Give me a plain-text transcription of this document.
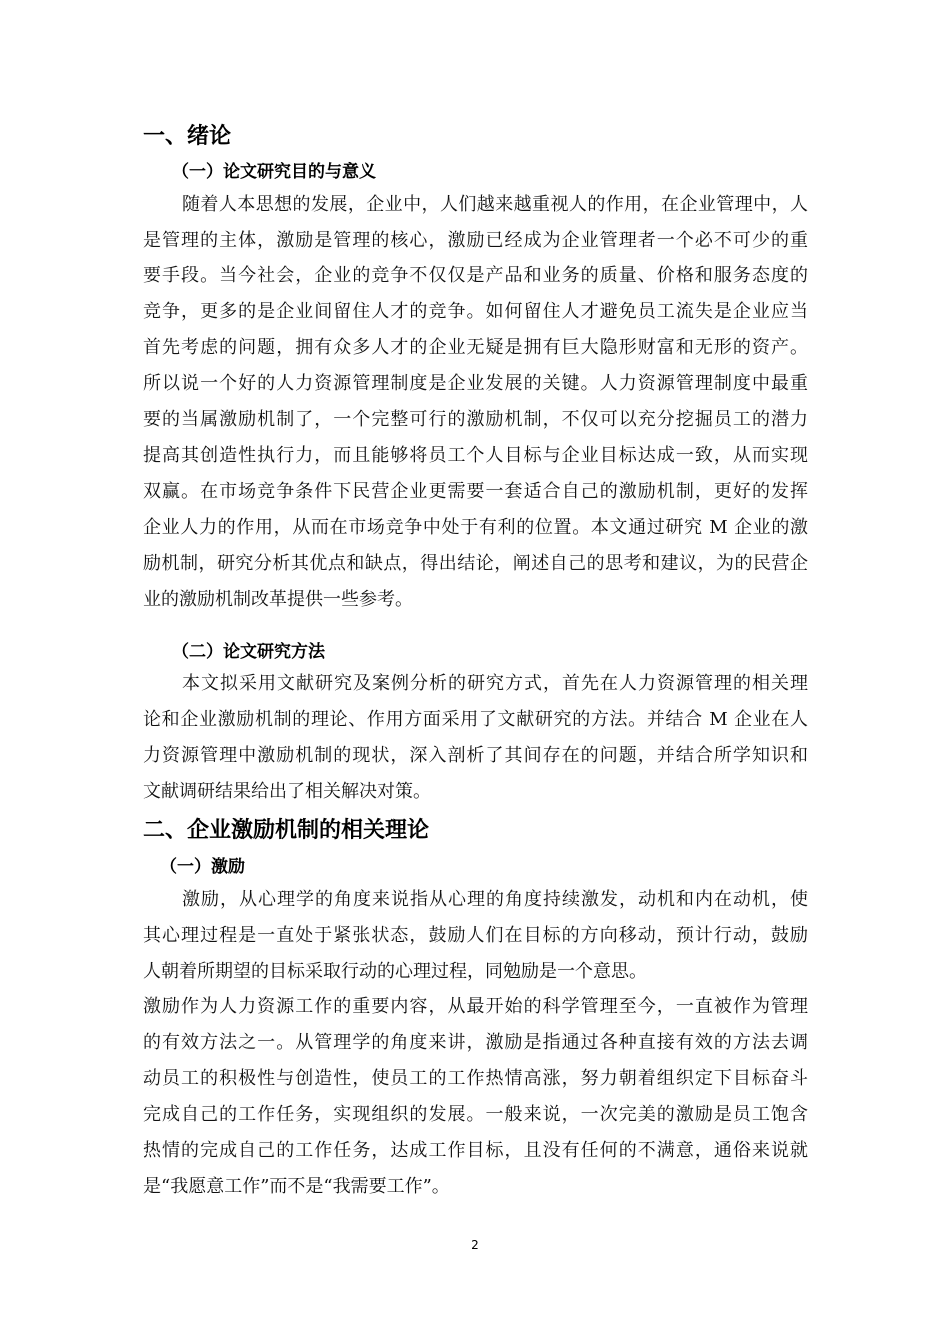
一、绪论
（一）论文研究目的与意义
随着人本思想的发展，企业中，人们越来越重视人的作用，在企业管理中，人
是管理的主体，激励是管理的核心，激励已经成为企业管理者一个必不可少的重
要手段。当今社会，企业的竞争不仅仅是产品和业务的质量、价格和服务态度的
竞争，更多的是企业间留住人才的竞争。如何留住人才避免员工流失是企业应当
首先考虑的问题，拥有众多人才的企业无疑是拥有巨大隐形财富和无形的资产。
所以说一个好的人力资源管理制度是企业发展的关键。人力资源管理制度中最重
要的当属激励机制了，一个完整可行的激励机制，不仅可以充分挖掘员工的潜力
提高其创造性执行力，而且能够将员工个人目标与企业目标达成一致，从而实现
双赢。在市场竞争条件下民营企业更需要一套适合自己的激励机制，更好的发挥
企业人力的作用，从而在市场竞争中处于有利的位置。本文通过研究 M 企业的激
励机制，研究分析其优点和缺点，得出结论，阐述自己的思考和建议，为的民营企
业的激励机制改革提供一些参考。
（二）论文研究方法
本文拟采用文献研究及案例分析的研究方式，首先在人力资源管理的相关理
论和企业激励机制的理论、作用方面采用了文献研究的方法。并结合 M 企业在人
力资源管理中激励机制的现状，深入剖析了其间存在的问题，并结合所学知识和
文献调研结果给出了相关解决对策。
二、企业激励机制的相关理论
（一）激励
激励，从心理学的角度来说指从心理的角度持续激发，动机和内在动机，使
其心理过程是一直处于紧张状态，鼓励人们在目标的方向移动，预计行动，鼓励
人朝着所期望的目标采取行动的心理过程，同勉励是一个意思。
激励作为人力资源工作的重要内容，从最开始的科学管理至今，一直被作为管理
的有效方法之一。从管理学的角度来讲，激励是指通过各种直接有效的方法去调
动员工的积极性与创造性，使员工的工作热情高涨，努力朝着组织定下目标奋斗
完成自己的工作任务，实现组织的发展。一般来说，一次完美的激励是员工饱含
热情的完成自己的工作任务，达成工作目标，且没有任何的不满意，通俗来说就
是“我愿意工作”而不是“我需要工作”。
2
